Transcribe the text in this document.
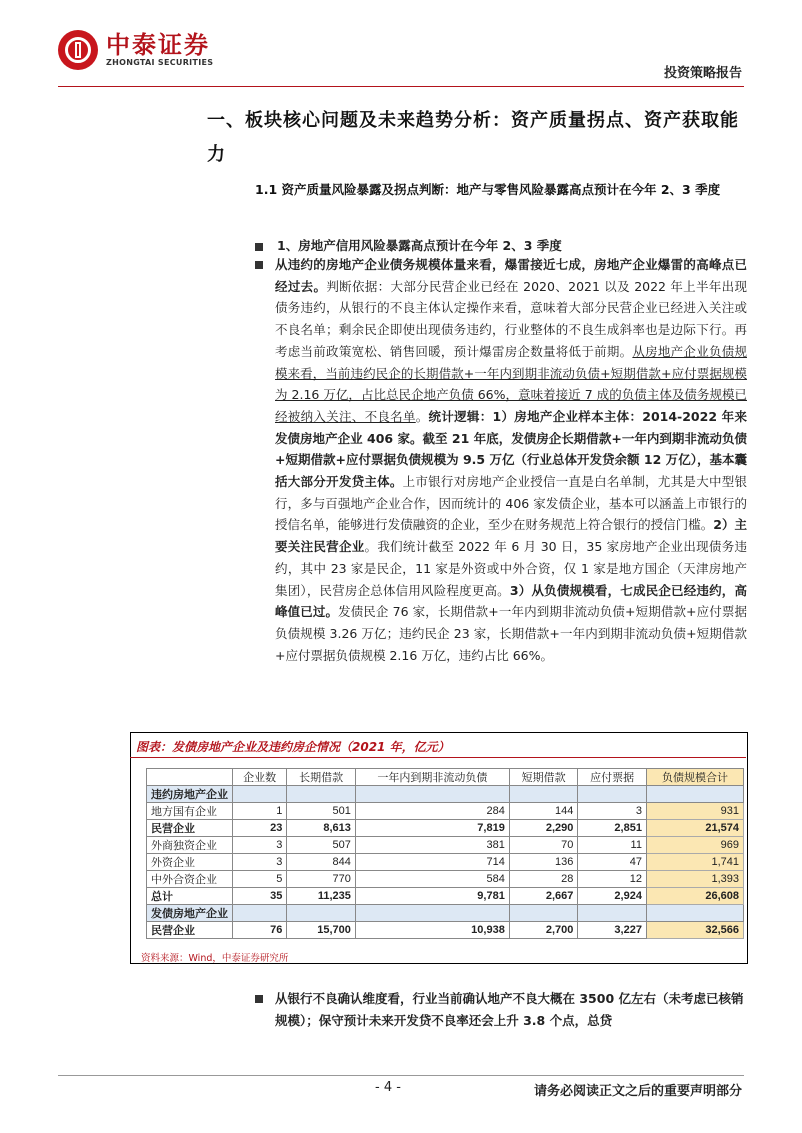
中泰证券
ZHONGTAI SECURITIES
投资策略报告
一、板块核心问题及未来趋势分析：资产质量拐点、资产获取能力
1.1 资产质量风险暴露及拐点判断：地产与零售风险暴露高点预计在今年 2、3 季度
1、房地产信用风险暴露高点预计在今年 2、3 季度
从违约的房地产企业债务规模体量来看，爆雷接近七成，房地产企业爆雷的高峰点已经过去。判断依据：大部分民营企业已经在 2020、2021 以及 2022 年上半年出现债务违约，从银行的不良主体认定操作来看，意味着大部分民营企业已经进入关注或不良名单；剩余民企即使出现债务违约，行业整体的不良生成斜率也是边际下行。再考虑当前政策宽松、销售回暖，预计爆雷房企数量将低于前期。从房地产企业负债规模来看，当前违约民企的长期借款+一年内到期非流动负债+短期借款+应付票据规模为 2.16 万亿，占比总民企地产负债 66%，意味着接近 7 成的负债主体及债务规模已经被纳入关注、不良名单。统计逻辑：1）房地产企业样本主体：2014-2022 年来发债房地产企业 406 家。截至 21 年底，发债房企长期借款+一年内到期非流动负债+短期借款+应付票据负债规模为 9.5 万亿（行业总体开发贷余额 12 万亿），基本囊括大部分开发贷主体。上市银行对房地产企业授信一直是白名单制，尤其是大中型银行，多与百强地产企业合作，因而统计的 406 家发债企业，基本可以涵盖上市银行的授信名单，能够进行发债融资的企业，至少在财务规范上符合银行的授信门槛。2）主要关注民营企业。我们统计截至 2022 年 6 月 30 日，35 家房地产企业出现债务违约，其中 23 家是民企，11 家是外资或中外合资，仅 1 家是地方国企（天津房地产集团），民营房企总体信用风险程度更高。3）从负债规模看，七成民企已经违约，高峰值已过。发债民企 76 家，长期借款+一年内到期非流动负债+短期借款+应付票据负债规模 3.26 万亿；违约民企 23 家，长期借款+一年内到期非流动负债+短期借款+应付票据负债规模 2.16 万亿，违约占比 66%。
图表：发债房地产企业及违约房企情况（2021 年，亿元）
	企业数	长期借款	一年内到期非流动负债	短期借款	应付票据	负债规模合计
违约房地产企业						
地方国有企业	1	501	284	144	3	931
民营企业	23	8,613	7,819	2,290	2,851	21,574
外商独资企业	3	507	381	70	11	969
外资企业	3	844	714	136	47	1,741
中外合资企业	5	770	584	28	12	1,393
总计	35	11,235	9,781	2,667	2,924	26,608
发债房地产企业						
民营企业	76	15,700	10,938	2,700	3,227	32,566
资料来源：Wind，中泰证券研究所
从银行不良确认维度看，行业当前确认地产不良大概在 3500 亿左右（未考虑已核销规模）；保守预计未来开发贷不良率还会上升 3.8 个点，总贷
- 4 -	请务必阅读正文之后的重要声明部分
